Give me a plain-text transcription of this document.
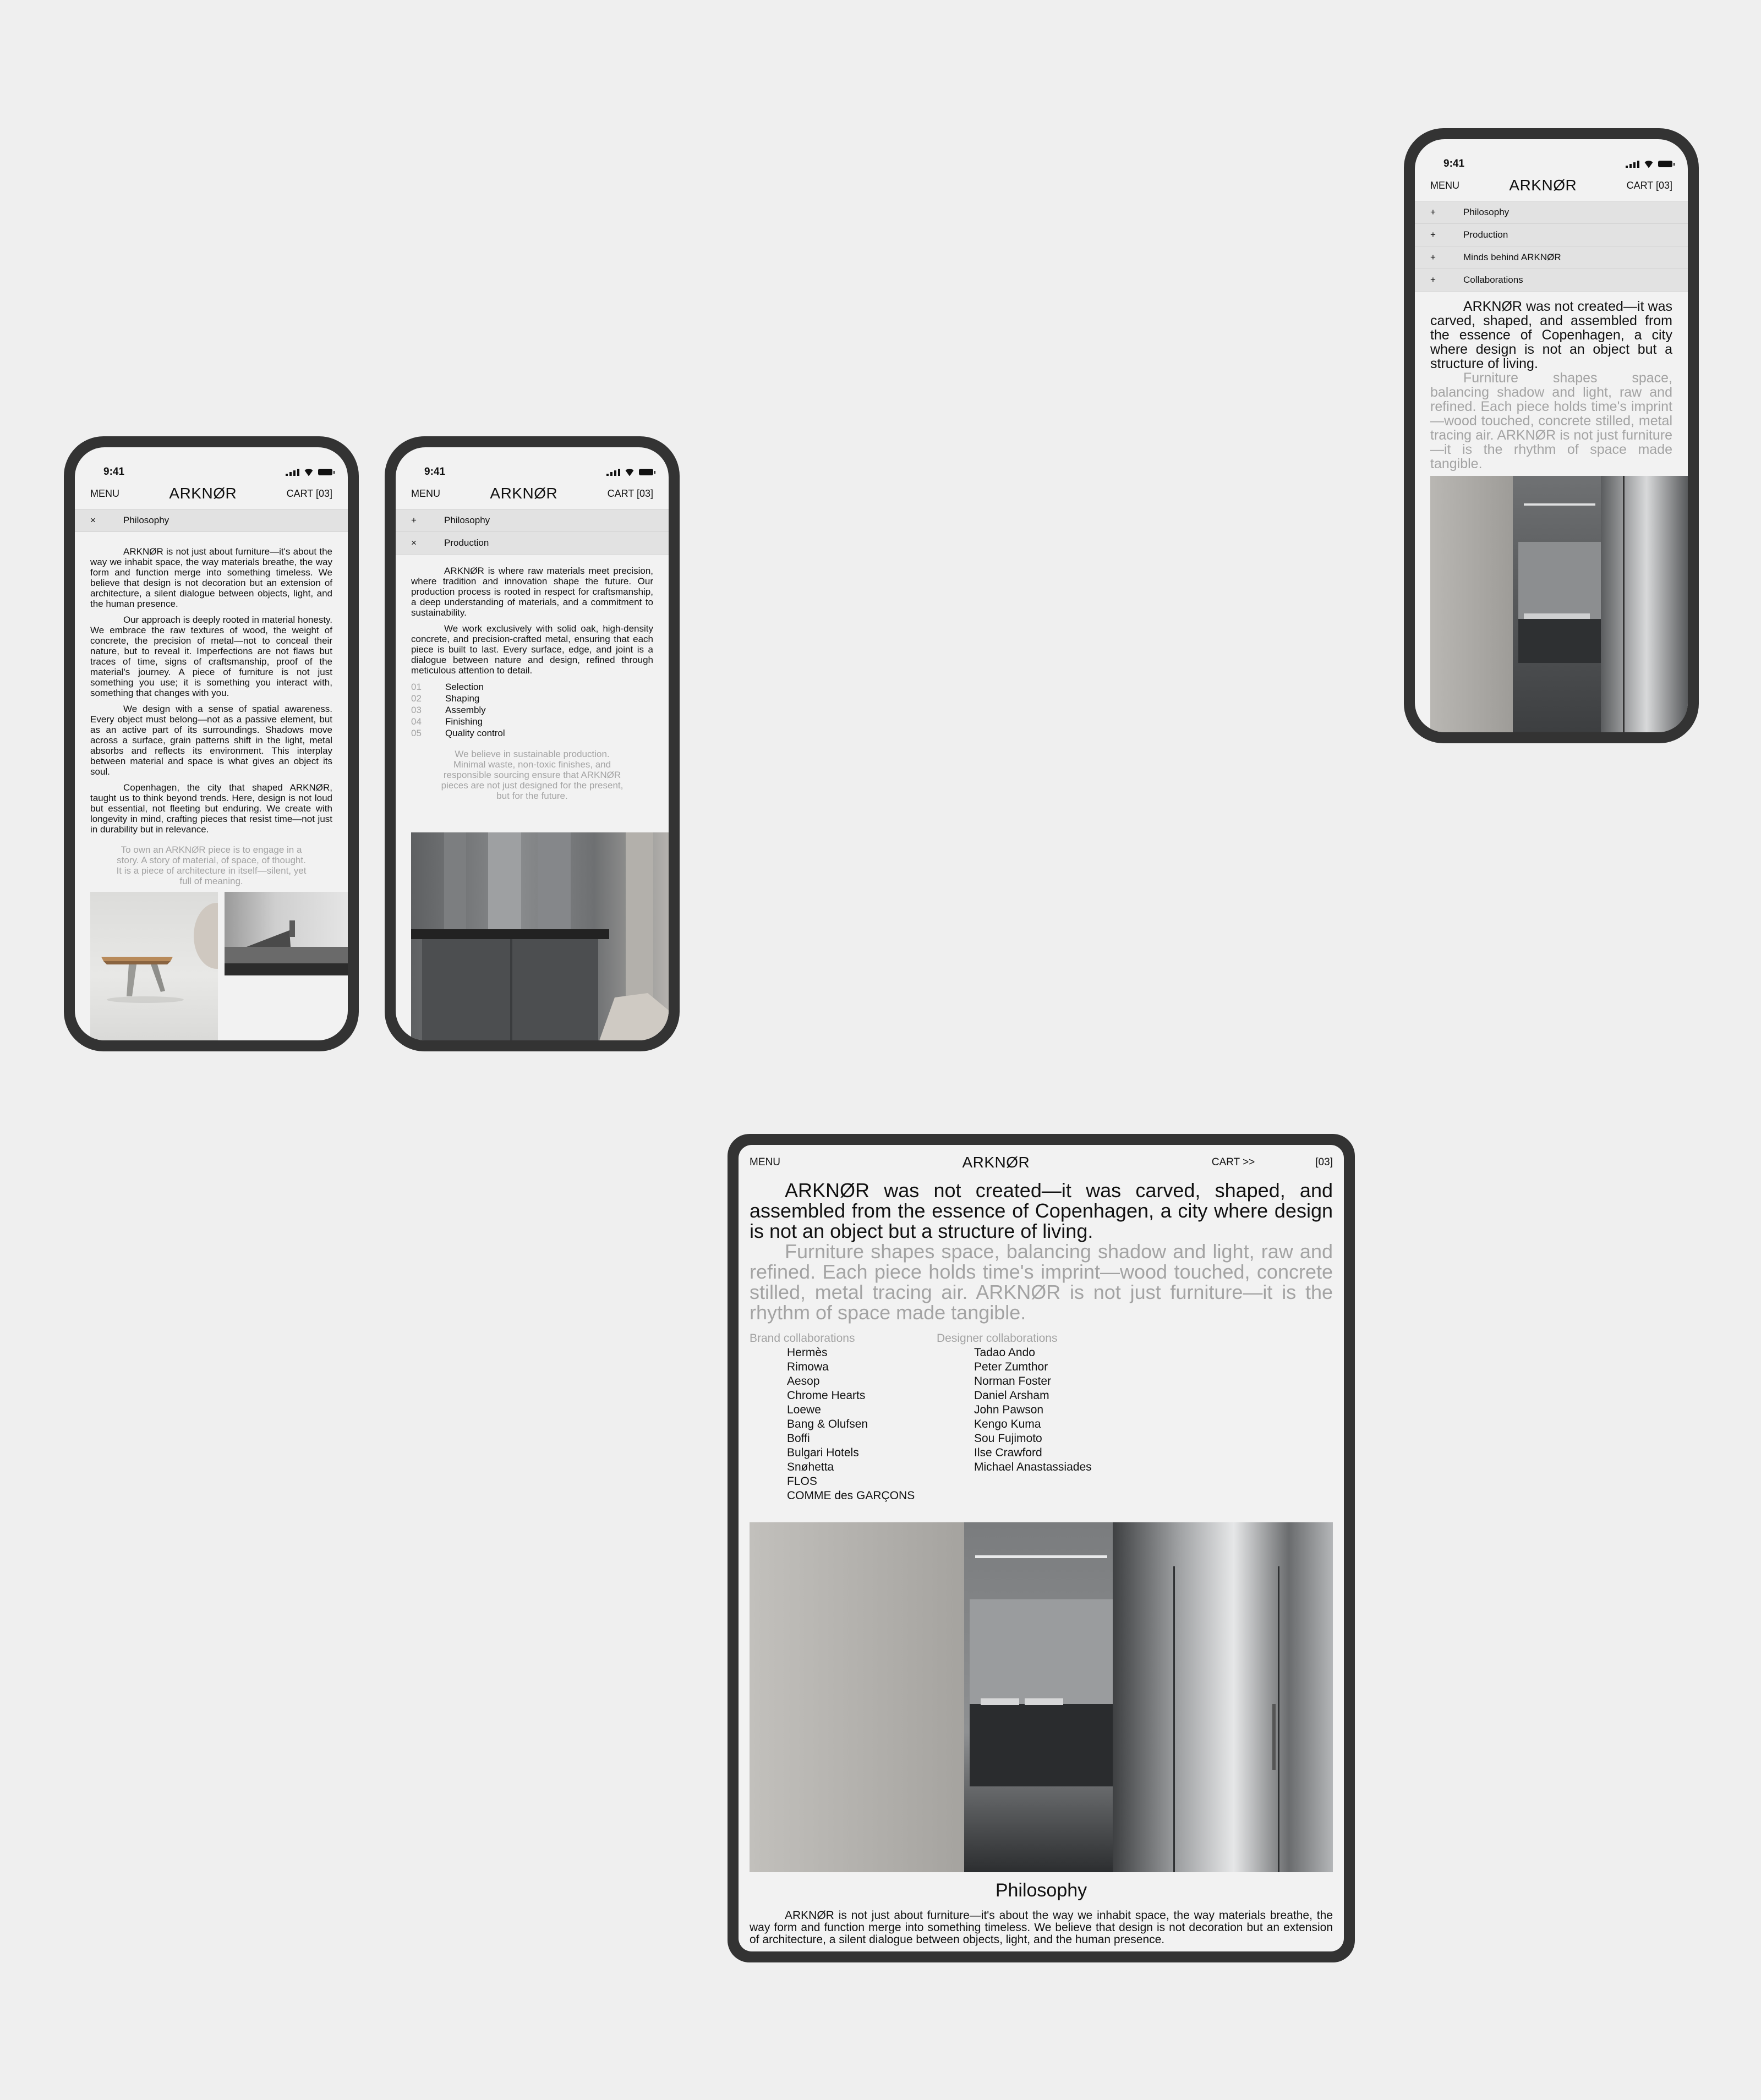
9:41
MENU	ARKNØR	CART [03]
×	Philosophy

ARKNØR is not just about furniture—it's about the way we inhabit space, the way materials breathe, the way form and function merge into something timeless. We believe that design is not decoration but an extension of architecture, a silent dialogue between objects, light, and the human presence.

Our approach is deeply rooted in material honesty. We embrace the raw textures of wood, the weight of concrete, the precision of metal—not to conceal their nature, but to reveal it. Imperfections are not flaws but traces of time, signs of craftsmanship, proof of the material's journey. A piece of furniture is not just something you use; it is something you interact with, something that changes with you.

We design with a sense of spatial awareness. Every object must belong—not as a passive element, but as an active part of its surroundings. Shadows move across a surface, grain patterns shift in the light, metal absorbs and reflects its environment. This interplay between material and space is what gives an object its soul.

Copenhagen, the city that shaped ARKNØR, taught us to think beyond trends. Here, design is not loud but essential, not fleeting but enduring. We create with longevity in mind, crafting pieces that resist time—not just in durability but in relevance.

To own an ARKNØR piece is to engage in a story. A story of material, of space, of thought. It is a piece of architecture in itself—silent, yet full of meaning.

9:41
MENU	ARKNØR	CART [03]
+	Philosophy
×	Production

ARKNØR is where raw materials meet precision, where tradition and innovation shape the future. Our production process is rooted in respect for craftsmanship, a deep understanding of materials, and a commitment to sustainability.

We work exclusively with solid oak, high-density concrete, and precision-crafted metal, ensuring that each piece is built to last. Every surface, edge, and joint is a dialogue between nature and design, refined through meticulous attention to detail.

01	Selection
02	Shaping
03	Assembly
04	Finishing
05	Quality control

We believe in sustainable production. Minimal waste, non-toxic finishes, and responsible sourcing ensure that ARKNØR pieces are not just designed for the present, but for the future.

9:41
MENU	ARKNØR	CART [03]
+	Philosophy
+	Production
+	Minds behind ARKNØR
+	Collaborations

ARKNØR was not created—it was carved, shaped, and assembled from the essence of Copenhagen, a city where design is not an object but a structure of living.

Furniture shapes space, balancing shadow and light, raw and refined. Each piece holds time's imprint—wood touched, concrete stilled, metal tracing air. ARKNØR is not just furniture—it is the rhythm of space made tangible.

MENU	ARKNØR	CART >>	[03]

ARKNØR was not created—it was carved, shaped, and assembled from the essence of Copenhagen, a city where design is not an object but a structure of living.

Furniture shapes space, balancing shadow and light, raw and refined. Each piece holds time's imprint—wood touched, concrete stilled, metal tracing air. ARKNØR is not just furniture—it is the rhythm of space made tangible.

Brand collaborations
Hermès
Rimowa
Aesop
Chrome Hearts
Loewe
Bang & Olufsen
Boffi
Bulgari Hotels
Snøhetta
FLOS
COMME des GARÇONS
Designer collaborations
Tadao Ando
Peter Zumthor
Norman Foster
Daniel Arsham
John Pawson
Kengo Kuma
Sou Fujimoto
Ilse Crawford
Michael Anastassiades
Philosophy

ARKNØR is not just about furniture—it's about the way we inhabit space, the way materials breathe, the way form and function merge into something timeless. We believe that design is not decoration but an extension of architecture, a silent dialogue between objects, light, and the human presence.
